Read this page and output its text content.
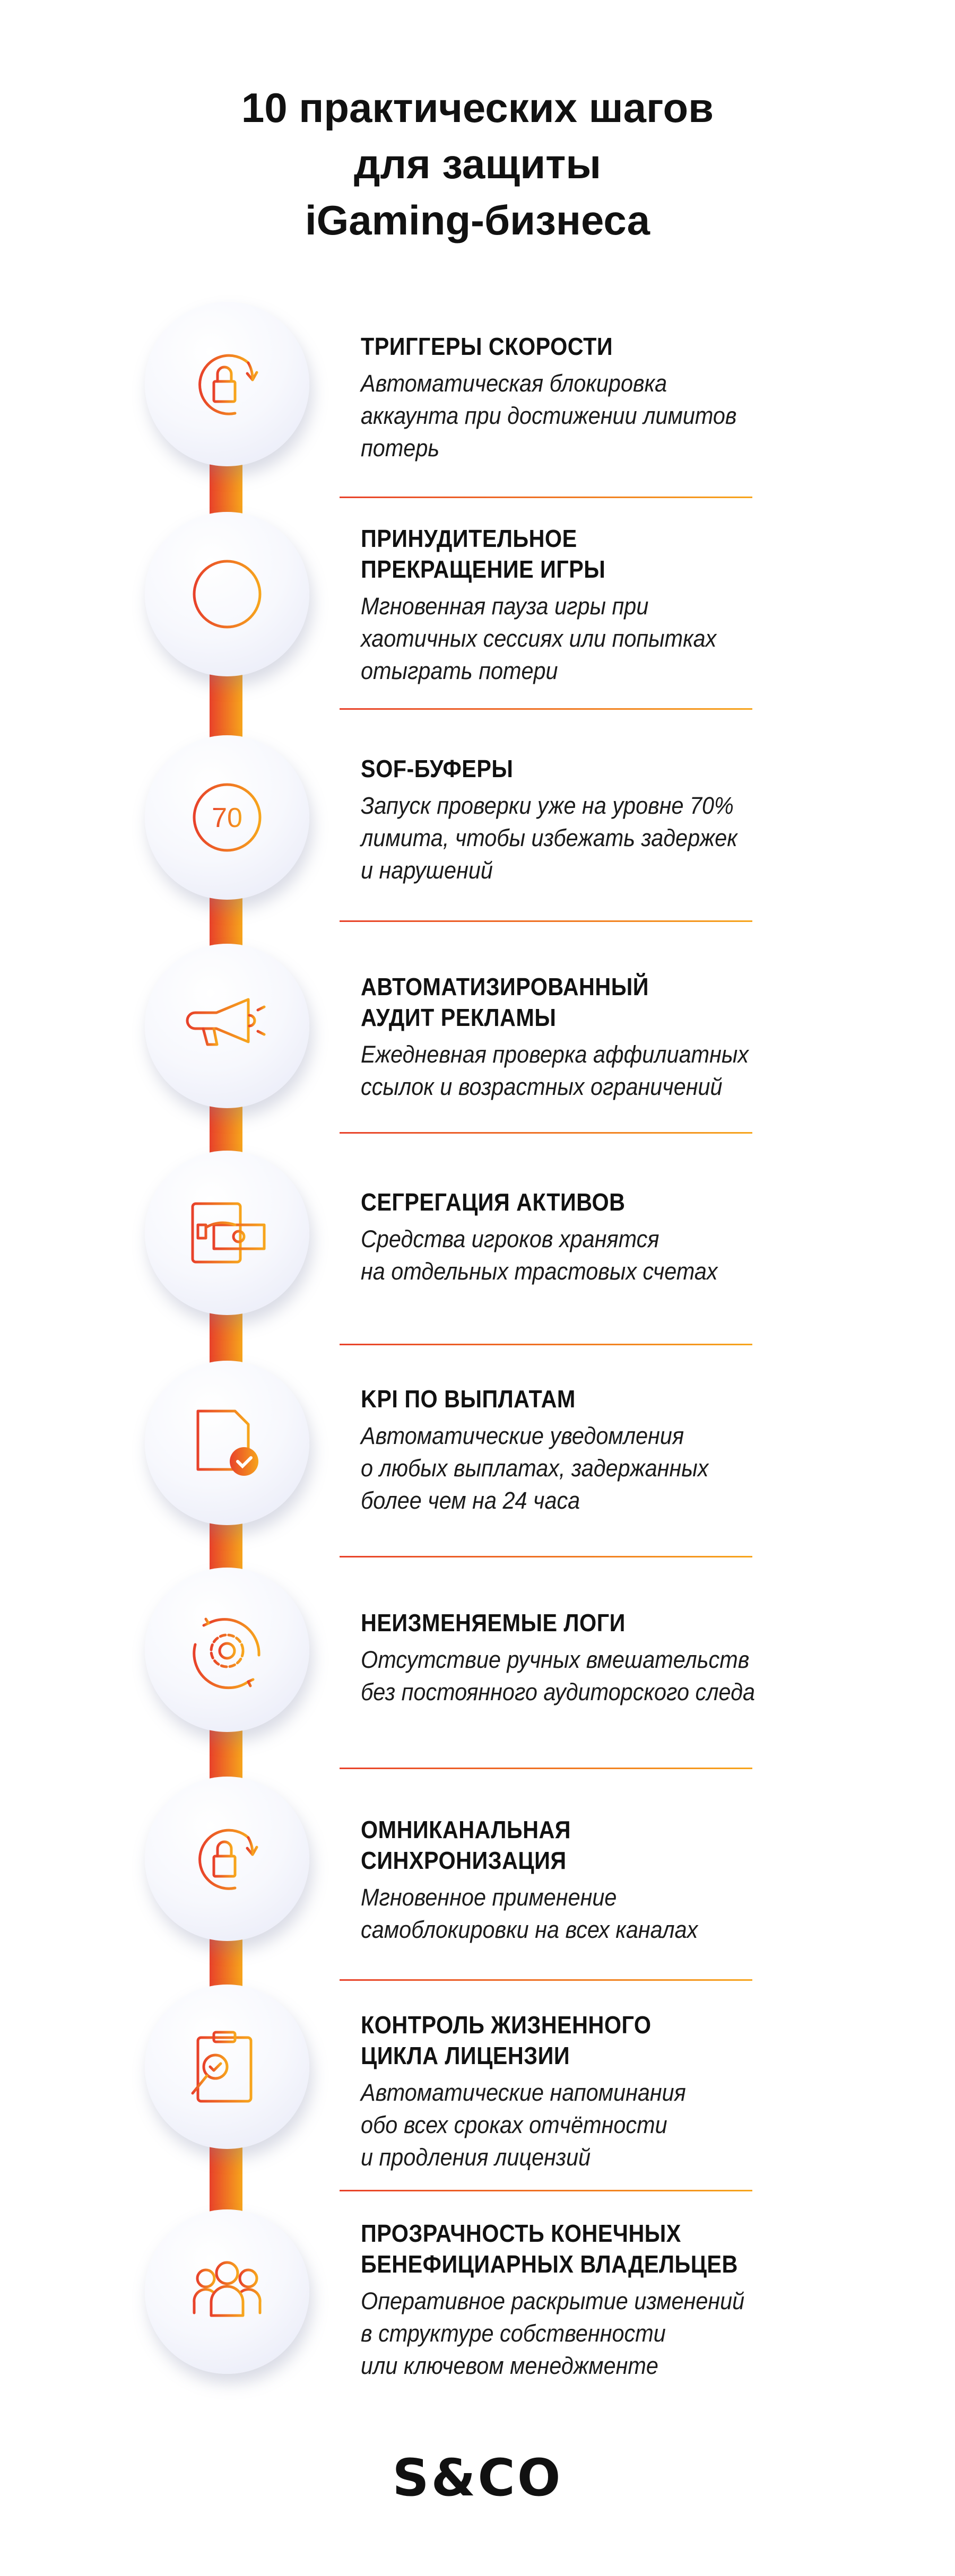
10 практических шагов
для защиты
iGaming-бизнеса
ТРИГГЕРЫ СКОРОСТИ
Автоматическая блокировка
аккаунта при достижении лимитов
потерь
ПРИНУДИТЕЛЬНОЕ
ПРЕКРАЩЕНИЕ ИГРЫ
Мгновенная пауза игры при
хаотичных сессиях или попытках
отыграть потери
70
SOF-БУФЕРЫ
Запуск проверки уже на уровне 70%
лимита, чтобы избежать задержек
и нарушений
АВТОМАТИЗИРОВАННЫЙ
АУДИТ РЕКЛАМЫ
Ежедневная проверка аффилиатных
ссылок и возрастных ограничений
СЕГРЕГАЦИЯ АКТИВОВ
Средства игроков хранятся
на отдельных трастовых счетах
KPI ПО ВЫПЛАТАМ
Автоматические уведомления
о любых выплатах, задержанных
более чем на 24 часа
НЕИЗМЕНЯЕМЫЕ ЛОГИ
Отсутствие ручных вмешательств
без постоянного аудиторского следа
ОМНИКАНАЛЬНАЯ
СИНХРОНИЗАЦИЯ
Мгновенное применение
самоблокировки на всех каналах
КОНТРОЛЬ ЖИЗНЕННОГО
ЦИКЛА ЛИЦЕНЗИИ
Автоматические напоминания
обо всех сроках отчётности
и продления лицензий
ПРОЗРАЧНОСТЬ КОНЕЧНЫХ
БЕНЕФИЦИАРНЫХ ВЛАДЕЛЬЦЕВ
Оперативное раскрытие изменений
в структуре собственности
или ключевом менеджменте
S&CO
